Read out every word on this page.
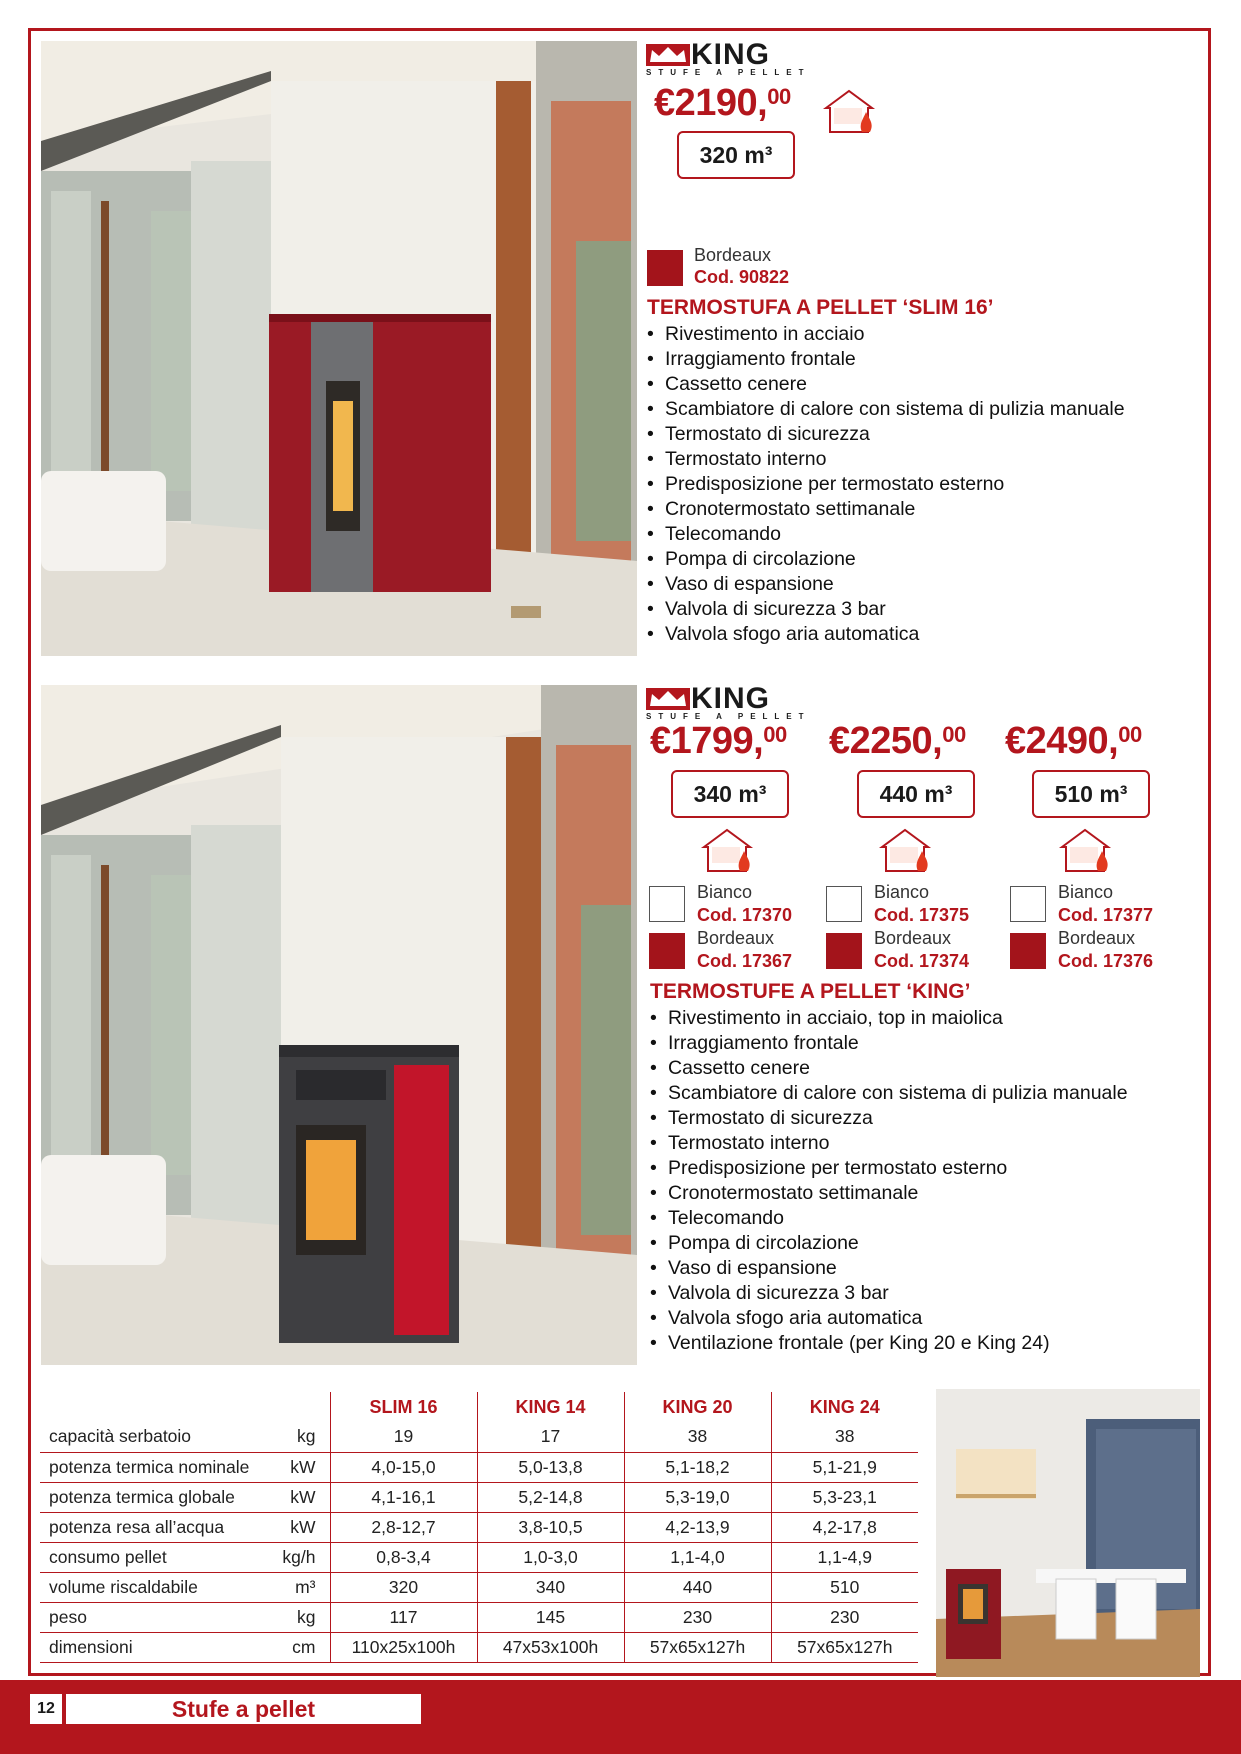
KING
STUFE A PELLET
€2190,00
320 m³
Bordeaux
Cod. 90822
TERMOSTUFA A PELLET ‘SLIM 16’
• Rivestimento in acciaio
• Irraggiamento frontale
• Cassetto cenere
• Scambiatore di calore con sistema di pulizia manuale
• Termostato di sicurezza
• Termostato interno
• Predisposizione per termostato esterno
• Cronotermostato settimanale
• Telecomando
• Pompa di circolazione
• Vaso di espansione
• Valvola di sicurezza 3 bar
• Valvola sfogo aria automatica
KING
STUFE A PELLET
€1799,00
340 m³
Bianco
Cod. 17370
Bordeaux
Cod. 17367
€2250,00
440 m³
Bianco
Cod. 17375
Bordeaux
Cod. 17374
€2490,00
510 m³
Bianco
Cod. 17377
Bordeaux
Cod. 17376
TERMOSTUFE A PELLET ‘KING’
• Rivestimento in acciaio, top in maiolica
• Irraggiamento frontale
• Cassetto cenere
• Scambiatore di calore con sistema di pulizia manuale
• Termostato di sicurezza
• Termostato interno
• Predisposizione per termostato esterno
• Cronotermostato settimanale
• Telecomando
• Pompa di circolazione
• Vaso di espansione
• Valvola di sicurezza 3 bar
• Valvola sfogo aria automatica
• Ventilazione frontale (per King 20 e King 24)
		SLIM 16	KING 14	KING 20	KING 24
capacità serbatoio	kg	19	17	38	38
potenza termica nominale	kW	4,0-15,0	5,0-13,8	5,1-18,2	5,1-21,9
potenza termica globale	kW	4,1-16,1	5,2-14,8	5,3-19,0	5,3-23,1
potenza resa all’acqua	kW	2,8-12,7	3,8-10,5	4,2-13,9	4,2-17,8
consumo pellet	kg/h	0,8-3,4	1,0-3,0	1,1-4,0	1,1-4,9
volume riscaldabile	m³	320	340	440	510
peso	kg	117	145	230	230
dimensioni	cm	110x25x100h	47x53x100h	57x65x127h	57x65x127h
12	Stufe a pellet
